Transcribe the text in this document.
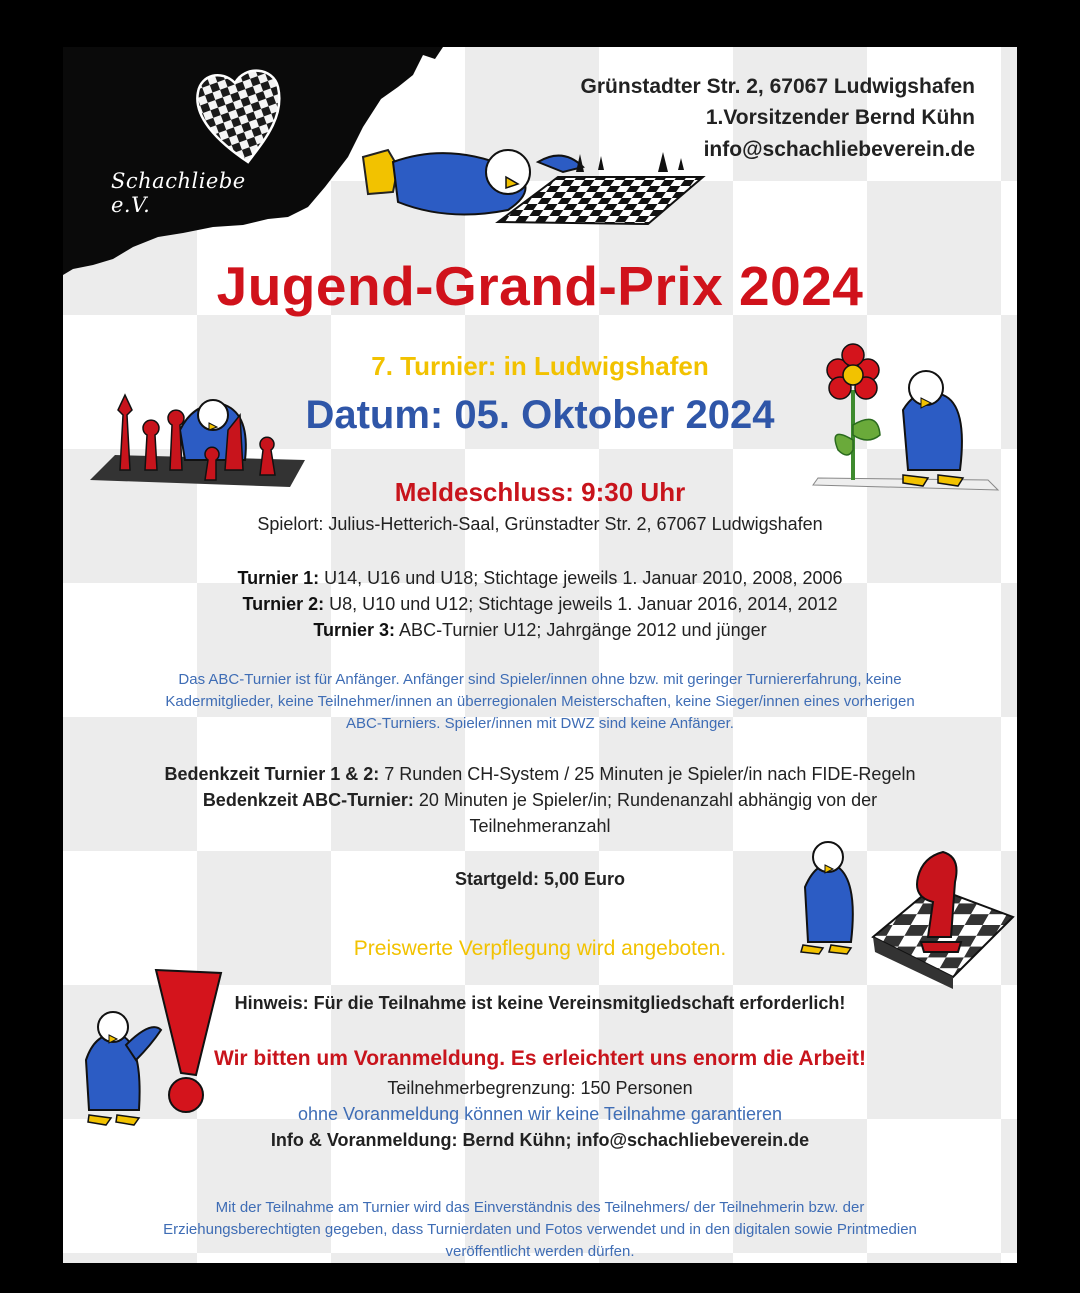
Schachliebe e.V.
Grünstadter Str. 2, 67067 Ludwigshafen
1.Vorsitzender Bernd Kühn
info@schachliebeverein.de
Jugend-Grand-Prix 2024
7. Turnier: in Ludwigshafen
Datum: 05. Oktober 2024
Meldeschluss: 9:30 Uhr
Spielort: Julius-Hetterich-Saal, Grünstadter Str. 2, 67067 Ludwigshafen
Turnier 1: U14, U16 und U18; Stichtage jeweils 1. Januar 2010, 2008, 2006
Turnier 2: U8, U10 und U12; Stichtage jeweils 1. Januar 2016, 2014, 2012
Turnier 3: ABC-Turnier U12; Jahrgänge 2012 und jünger
Das ABC-Turnier ist für Anfänger. Anfänger sind Spieler/innen ohne bzw. mit geringer Turniererfahrung, keine
Kadermitglieder, keine Teilnehmer/innen an überregionalen Meisterschaften, keine Sieger/innen eines vorherigen
ABC-Turniers. Spieler/innen mit DWZ sind keine Anfänger.
Bedenkzeit Turnier 1 & 2: 7 Runden CH-System / 25 Minuten je Spieler/in nach FIDE-Regeln
Bedenkzeit ABC-Turnier: 20 Minuten je Spieler/in; Rundenanzahl abhängig von der
Teilnehmeranzahl
Startgeld: 5,00 Euro
Preiswerte Verpflegung wird angeboten.
Hinweis: Für die Teilnahme ist keine Vereinsmitgliedschaft erforderlich!
Wir bitten um Voranmeldung. Es erleichtert uns enorm die Arbeit!
Teilnehmerbegrenzung: 150 Personen
ohne Voranmeldung können wir keine Teilnahme garantieren
Info & Voranmeldung: Bernd Kühn; info@schachliebeverein.de
Mit der Teilnahme am Turnier wird das Einverständnis des Teilnehmers/ der Teilnehmerin bzw. der
Erziehungsberechtigten gegeben, dass Turnierdaten und Fotos verwendet und in den digitalen sowie Printmedien
veröffentlicht werden dürfen.
